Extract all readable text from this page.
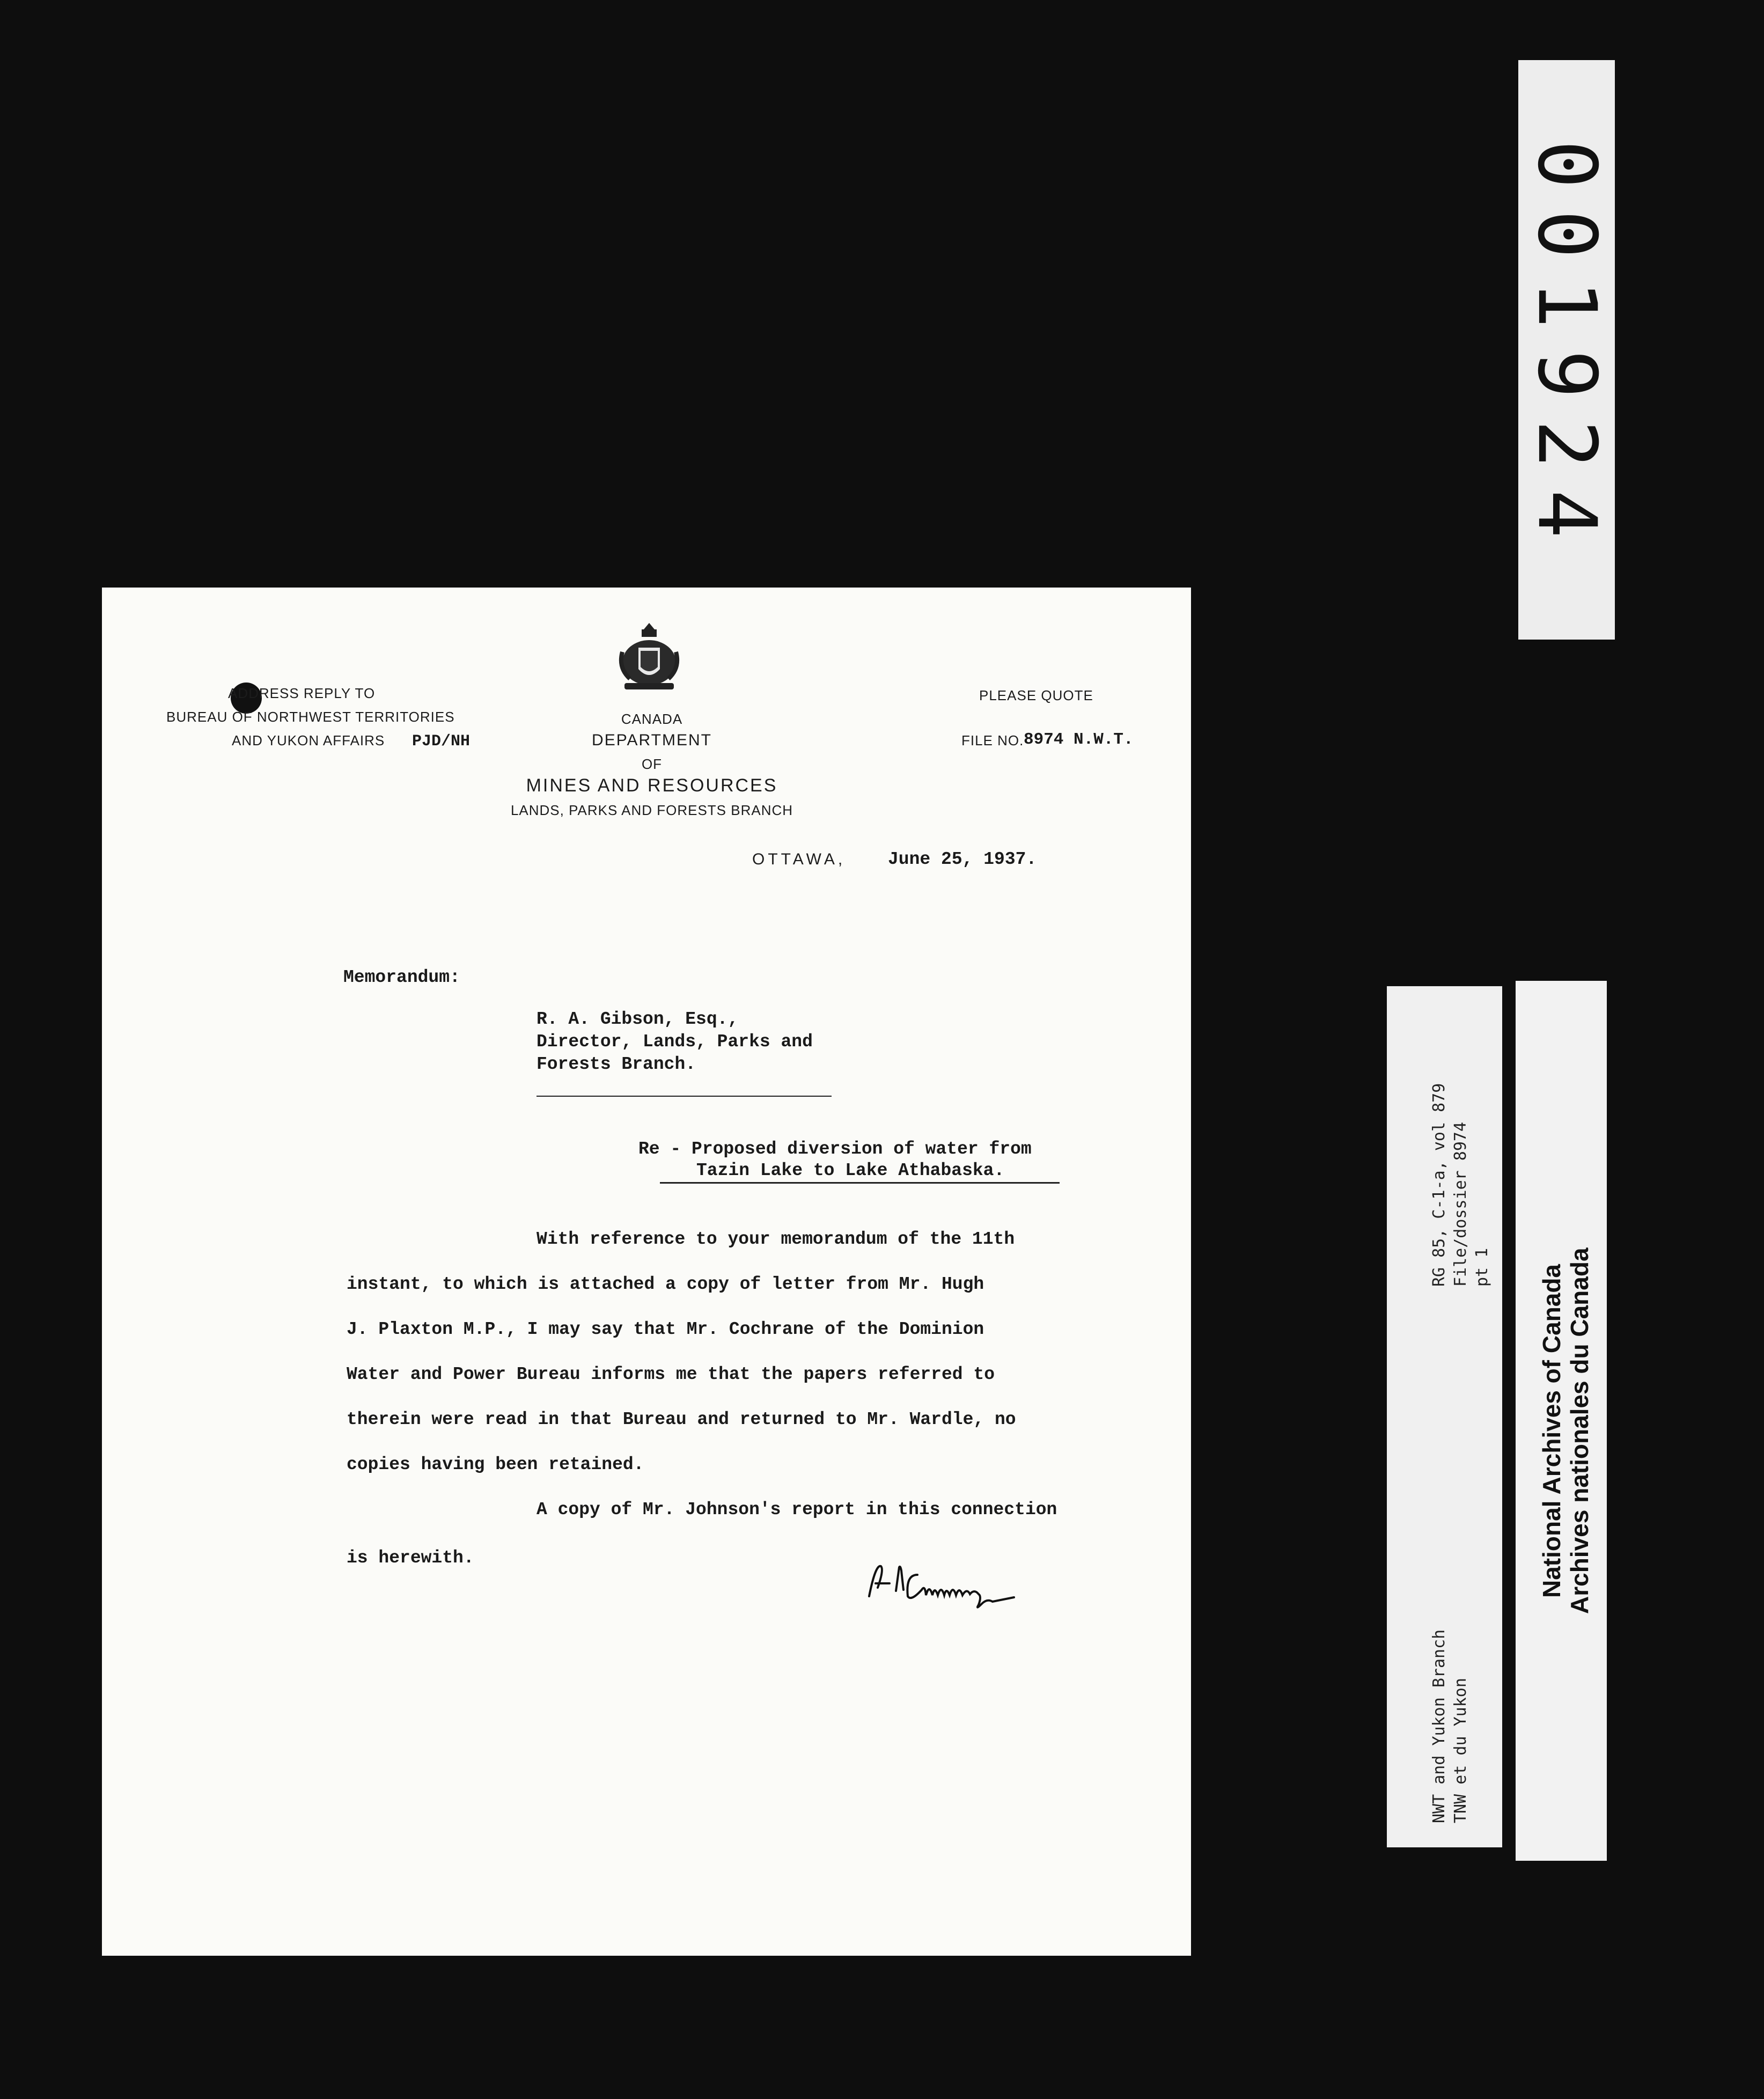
001924
ADDRESS REPLY TO
BUREAU OF NORTHWEST TERRITORIES
AND YUKON AFFAIRS PJD/NH
CANADA
DEPARTMENT
OF
MINES AND RESOURCES
LANDS, PARKS AND FORESTS BRANCH
PLEASE QUOTE
FILE NO. 8974 N.W.T.
OTTAWA, June 25, 1937.
Memorandum:
R. A. Gibson, Esq.,
Director, Lands, Parks and
Forests Branch.
Re - Proposed diversion of water from
Tazin Lake to Lake Athabaska.
With reference to your memorandum of the 11th
instant, to which is attached a copy of letter from Mr. Hugh
J. Plaxton M.P., I may say that Mr. Cochrane of the Dominion
Water and Power Bureau informs me that the papers referred to
therein were read in that Bureau and returned to Mr. Wardle, no
copies having been retained.
A copy of Mr. Johnson's report in this connection
is herewith.
RG 85, C-1-a, vol 879 File/dossier 8974 pt 1
NWT and Yukon Branch TNW et du Yukon
National Archives of Canada Archives nationales du Canada
